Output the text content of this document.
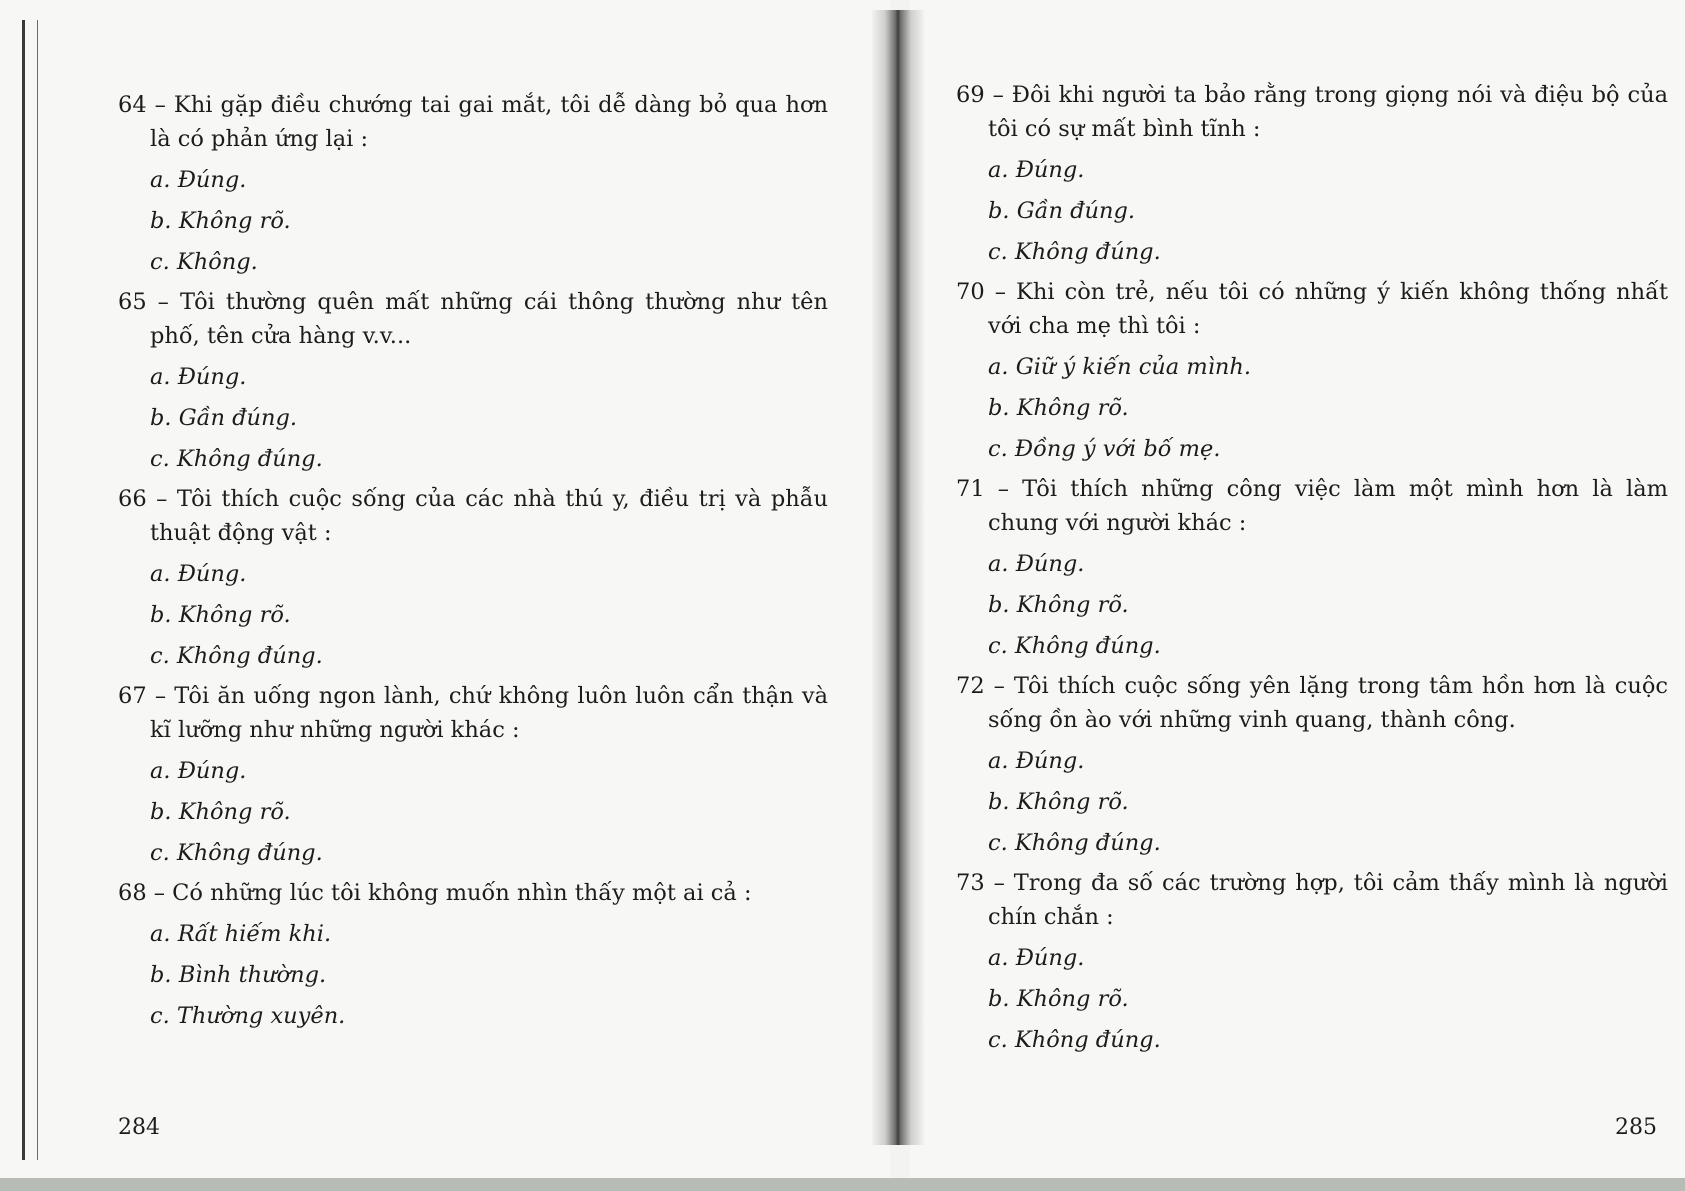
64 – Khi gặp điều chướng tai gai mắt, tôi dễ dàng bỏ qua hơn là có phản ứng lại :

a. Đúng.
b. Không rõ.
c. Không.

65 – Tôi thường quên mất những cái thông thường như tên phố, tên cửa hàng v.v...

a. Đúng.
b. Gần đúng.
c. Không đúng.

66 – Tôi thích cuộc sống của các nhà thú y, điều trị và phẫu thuật động vật :

a. Đúng.
b. Không rõ.
c. Không đúng.

67 – Tôi ăn uống ngon lành, chứ không luôn luôn cẩn thận và kĩ lưỡng như những người khác :

a. Đúng.
b. Không rõ.
c. Không đúng.

68 – Có những lúc tôi không muốn nhìn thấy một ai cả :

a. Rất hiếm khi.
b. Bình thường.
c. Thường xuyên.
284

69 – Đôi khi người ta bảo rằng trong giọng nói và điệu bộ của tôi có sự mất bình tĩnh :

a. Đúng.
b. Gần đúng.
c. Không đúng.

70 – Khi còn trẻ, nếu tôi có những ý kiến không thống nhất với cha mẹ thì tôi :

a. Giữ ý kiến của mình.
b. Không rõ.
c. Đồng ý với bố mẹ.

71 – Tôi thích những công việc làm một mình hơn là làm chung với người khác :

a. Đúng.
b. Không rõ.
c. Không đúng.

72 – Tôi thích cuộc sống yên lặng trong tâm hồn hơn là cuộc sống ồn ào với những vinh quang, thành công.

a. Đúng.
b. Không rõ.
c. Không đúng.

73 – Trong đa số các trường hợp, tôi cảm thấy mình là người chín chắn :

a. Đúng.
b. Không rõ.
c. Không đúng.
285
